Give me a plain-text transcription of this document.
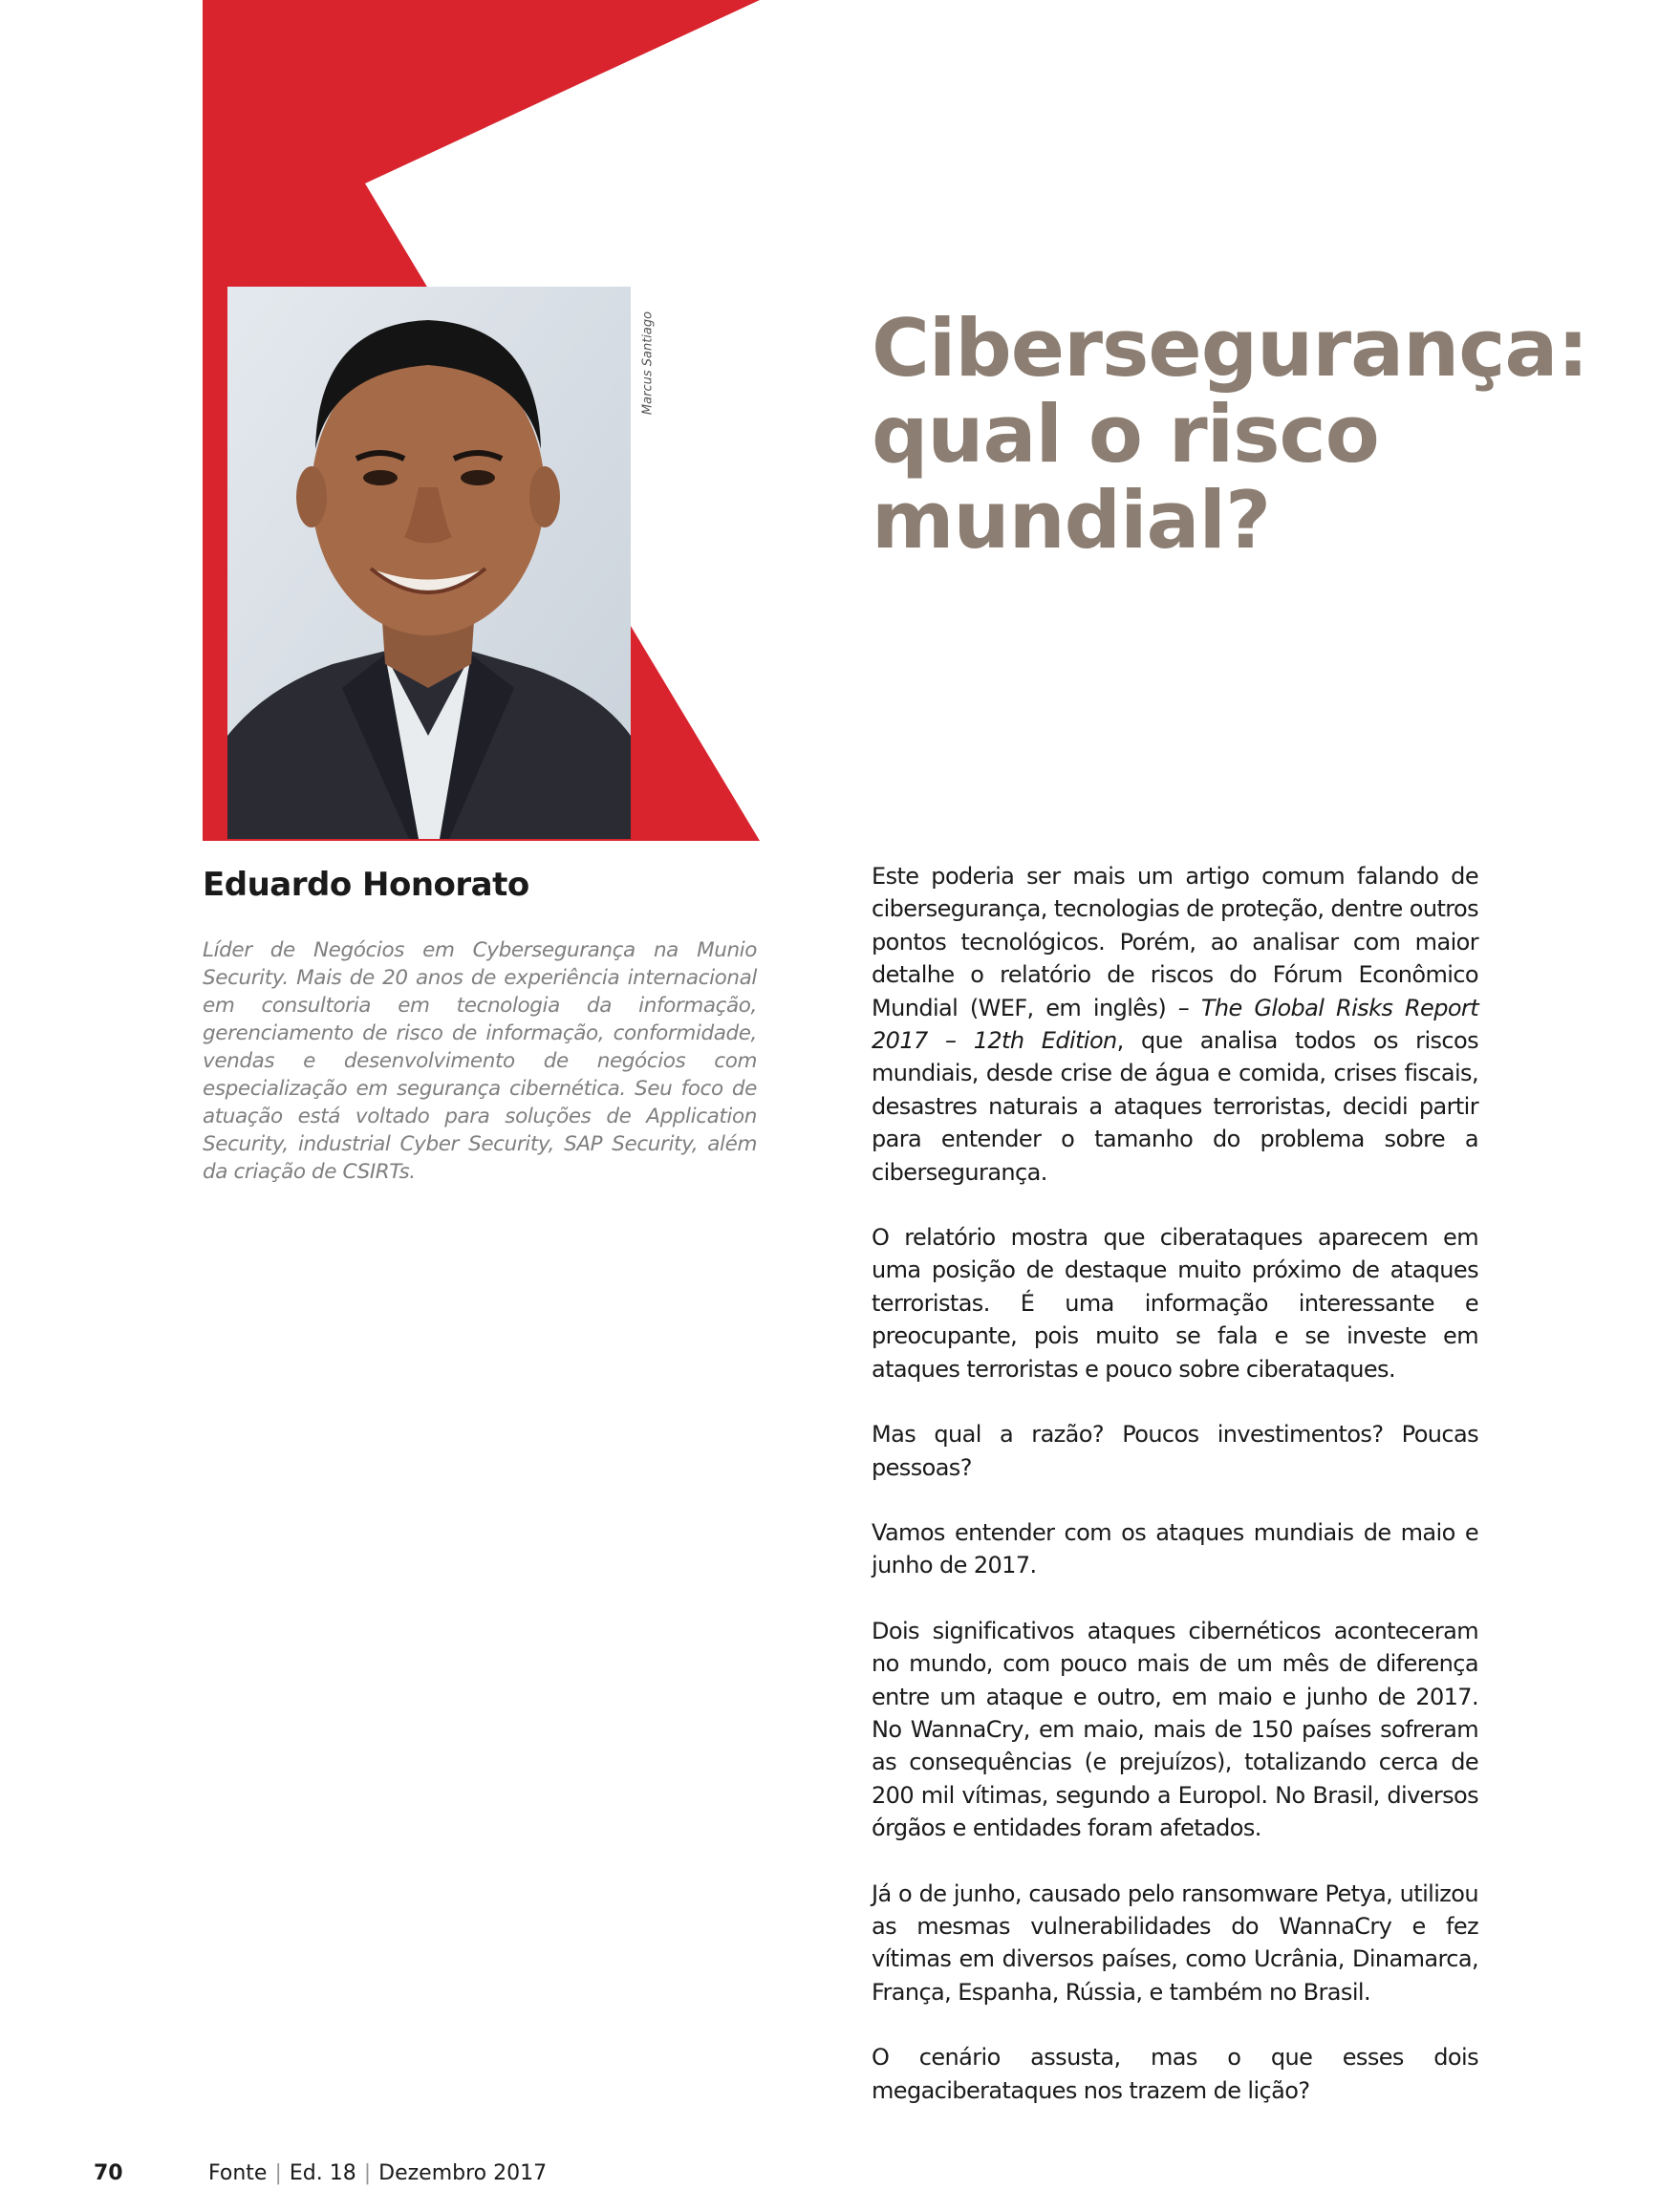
Marcus Santiago	Cibersegurança:
qual o risco
mundial?
Eduardo Honorato

Líder de Negócios em Cybersegurança na Munio Security. Mais de 20 anos de experiência internacional em consultoria em tecnologia da informação, gerenciamento de risco de informação, conformidade, vendas e desenvolvimento de negócios com especialização em segurança cibernética. Seu foco de atuação está voltado para soluções de Application Security, industrial Cyber Security, SAP Security, além da criação de CSIRTs.

Este poderia ser mais um artigo comum falando de cibersegurança, tecnologias de proteção, dentre outros pontos tecnológicos. Porém, ao analisar com maior detalhe o relatório de riscos do Fórum Econômico Mundial (WEF, em inglês) – The Global Risks Report 2017 – 12th Edition, que analisa todos os riscos mundiais, desde crise de água e comida, crises fiscais, desastres naturais a ataques terroristas, decidi partir para entender o tamanho do problema sobre a cibersegurança.

O relatório mostra que ciberataques aparecem em uma posição de destaque muito próximo de ataques terroristas. É uma informação interessante e preocupante, pois muito se fala e se investe em ataques terroristas e pouco sobre ciberataques.

Mas qual a razão? Poucos investimentos? Poucas pessoas?

Vamos entender com os ataques mundiais de maio e junho de 2017.

Dois significativos ataques cibernéticos aconteceram no mundo, com pouco mais de um mês de diferença entre um ataque e outro, em maio e junho de 2017. No WannaCry, em maio, mais de 150 países sofreram as consequências (e prejuízos), totalizando cerca de 200 mil vítimas, segundo a Europol. No Brasil, diversos órgãos e entidades foram afetados.

Já o de junho, causado pelo ransomware Petya, utilizou as mesmas vulnerabilidades do WannaCry e fez vítimas em diversos países, como Ucrânia, Dinamarca, França, Espanha, Rússia, e também no Brasil.

O cenário assusta, mas o que esses dois megaciberataques nos trazem de lição?

70	Fonte | Ed. 18 | Dezembro 2017
